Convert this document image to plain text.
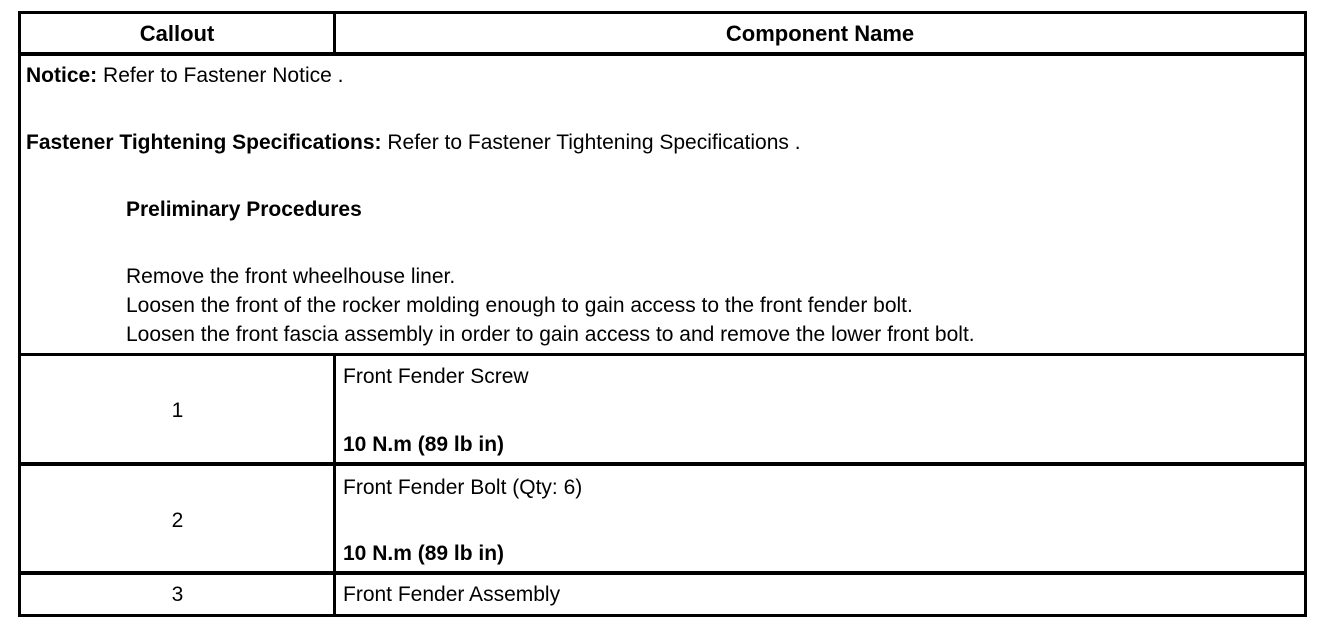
Callout	Component Name
Notice: Refer to Fastener Notice .
Fastener Tightening Specifications: Refer to Fastener Tightening Specifications .
Preliminary Procedures
Remove the front wheelhouse liner.
Loosen the front of the rocker molding enough to gain access to the front fender bolt.
Loosen the front fascia assembly in order to gain access to and remove the lower front bolt.
1
Front Fender Screw
10 N.m (89 lb in)
2
Front Fender Bolt (Qty: 6)
10 N.m (89 lb in)
3	Front Fender Assembly
